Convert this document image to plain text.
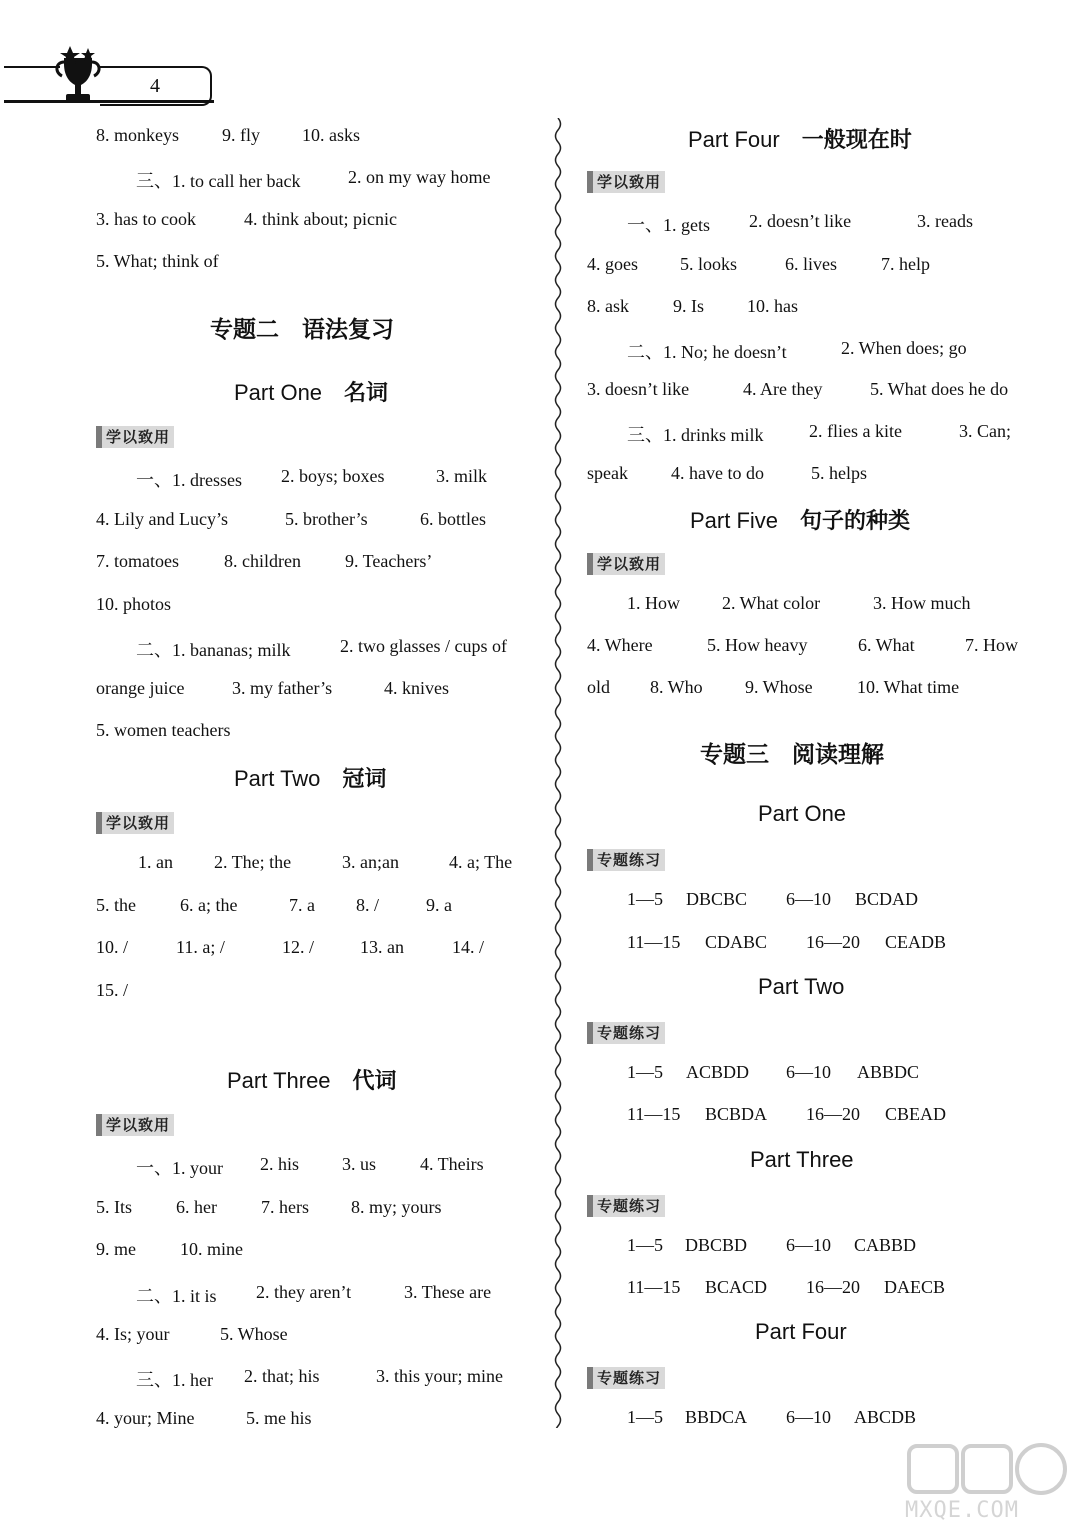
4
8. monkeys 9. fly 10. asks
三、1. to call her back	2. on my way home
3. has to cook	4. think about; picnic
5. What; think of
专题二　语法复习
Part One 名词
学以致用
一、1. dresses 2. boys; boxes	3. milk
4. Lily and Lucy’s	5. brother’s	6. bottles
7. tomatoes	8. children 9. Teachers’
10. photos
二、1. bananas; milk	2. two glasses / cups of
orange juice	3. my father’s	4. knives
5. women teachers
Part Two 冠词
学以致用
1. an 2. The; the	3. an;an	4. a; The
5. the 6. a; the	7. a 8. /	9. a
10. /	11. a; /	12. /	13. an	14. /
15. /
Part Three 代词
学以致用
一、1. your 2. his 3. us 4. Theirs
5. Its 6. her 7. hers 8. my; yours
9. me 10. mine
二、1. it is 2. they aren’t	3. These are
4. Is; your	5. Whose
三、1. her 2. that; his	3. this your; mine
4. your; Mine	5. me his
Part Four 一般现在时
学以致用
一、1. gets 2. doesn’t like	3. reads
4. goes 5. looks	6. lives 7. help
8. ask 9. Is 10. has
二、1. No; he doesn’t	2. When does; go
3. doesn’t like	4. Are they	5. What does he do
三、1. drinks milk	2. flies a kite	3. Can;
speak 4. have to do	5. helps
Part Five 句子的种类
学以致用
1. How 2. What color	3. How much
4. Where	5. How heavy	6. What	7. How
old 8. Who 9. Whose 10. What time
专题三　阅读理解
Part One
专题练习
1—5 DBCBC 6—10 BCDAD
11—15 CDABC 16—20 CEADB
Part Two
专题练习
1—5 ACBDD 6—10 ABBDC
11—15 BCBDA 16—20 CBEAD
Part Three
专题练习
1—5 DBCBD 6—10 CABBD
11—15 BCACD 16—20 DAECB
Part Four
专题练习
1—5 BBDCA 6—10 ABCDB
MXQE.COM
